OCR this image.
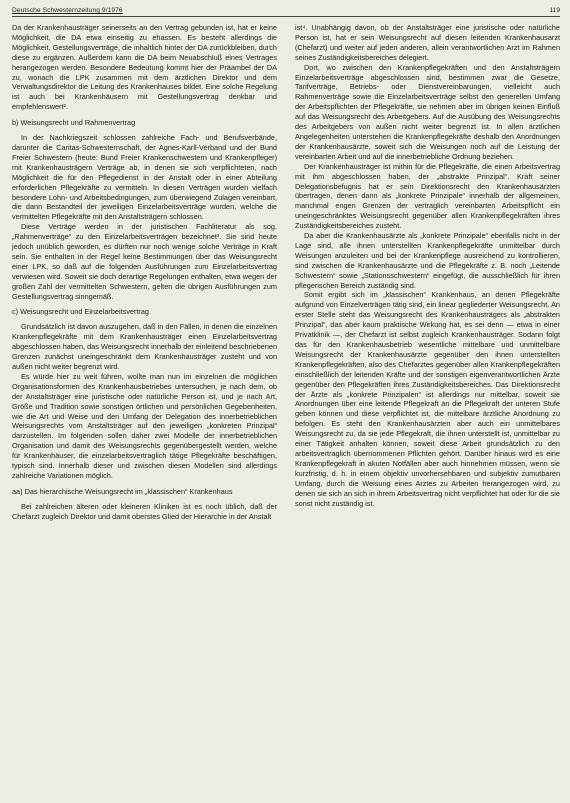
Deutsche Schwesternzeitung 9/1976	119

Da der Krankenhausträger seinerseits an den Vertrag gebunden ist, hat er keine Möglichkeit, die DA etwa einseitig zu ehassen. Es besteht allerdings die Möglichkeit, Gestellungsverträge, die inhaltlich hinter der DA zurückbleiben, durch diese zu ergänzen. Außerdem kann die DA beim Neuabschluß eines Vertrages herangezogen werden. Besondere Bedeutung kommt hier der Präambel der DA zu, wonach die LPK zusammen mit dem ärztlichen Direktor und dem Verwaltungsdirektor die Leitung des Krankenhauses bildet. Eine solche Regelung ist auch bei Krankenhäusern mit Gestellungsvertrag denkbar und empfehlenswert².

b) Weisungsrecht und Rahmenvertrag

In der Nachkriegszeit schlossen zahlreiche Fach- und Berufsverbände, darunter die Caritas-Schwesternschaft, der Agnes-Karll-Verband und der Bund Freier Schwestern (heute: Bund Freier Krankenschwestern und Krankenpfleger) mit Krankenhausträgern Verträge ab, in denen sie sich verpflichteten, nach Möglichkeit die für den Pflegedienst in der Anstalt oder in einer Abteilung erforderlichen Pflegekräfte zu vermitteln. In diesen Verträgen wurden vielfach besondere Lohn- und Arbeitsbedingungen, zum überwiegend Zulagen vereinbart, die dann Bestandteil der jeweiligen Einzelarbeitsverträge wurden, welche die vermittelten Pflegekräfte mit den Anstaltsträgern schlossen.

Diese Verträge werden in der juristischen Fachliteratur als sog. „Rahmenverträge“ zu den Einzelarbeitsverträgen bezeichnet³. Sie sind heute jedoch unüblich geworden, es dürften nur noch wenige solche Verträge in Kraft sein. Sie enthalten in der Regel keine Bestimmungen über das Weisungsrecht einer LPK, so daß auf die folgenden Ausführungen zum Einzelarbeitsvertrag verwiesen wird. Soweit sie doch derartige Regelungen enthalten, etwa wegen der großen Zahl der vermittelten Schwestern, gelten die übrigen Ausführungen zum Gestellungsvertrag sinngemäß.

c) Weisungsrecht und Einzelarbeitsvertrag

Grundsätzlich ist davon auszugehen, daß in den Fällen, in denen die einzelnen Krankenpflegekräfte mit dem Krankenhausträger einen Einzelarbeitsvertrag abgeschlossen haben, das Weisungsrecht innerhalb der einleitend beschriebenen Grenzen zunächst uneingeschränkt dem Krankenhausträger zusteht und von außen nicht weiter begrenzt wird.

Es würde hier zu weit führen, wollte man nun im einzelnen die möglichen Organisationsformen des Krankenhausbetriebes untersuchen, je nach dem, ob der Anstaltsträger eine juristische oder natürliche Person ist, und je nach Art, Größe und Tradition sowie sonstigen örtlichen und persönlichen Gegebenheiten, wie die Art und Weise und den Umfang der Delegation des innerbetrieblichen Weisungsrechts vom Anstaltsträger auf den jeweiligen „konkreten Prinzipal“ darzustellen. Im folgenden sollen daher zwei Modelle der innerbetrieblichen Organisation und damit des Weisungsrechts gegenübergestellt werden, welche für Krankenhäuser, die einzelarbeitsvertraglich tätige Pflegekräfte beschäftigen, typisch sind. Innerhalb dieser und zwischen diesen Modellen sind allerdings zahlreiche Variationen möglich.

aa) Das hierarchische Weisungsrecht im „klassischen“ Krankenhaus

Bei zahlreichen älteren oder kleineren Kliniken ist es noch üblich, daß der Chefarzt zugleich Direktor und damit oberstes Glied der Hierarchie in der Anstalt

ist⁴. Unabhängig davon, ob der Anstaltsträger eine juristische oder natürliche Person ist, hat er sein Weisungsrecht auf diesen leitenden Krankenhausarzt (Chefarzt) und weiter auf jeden anderen, allein verantwortlichen Arzt im Rahmen seines Zuständigkeitsbereiches delegiert.

Dort, wo zwischen den Krankenpflegekräften und den Anstaltsträgern Einzelarbeitsverträge abgeschlossen sind, bestimmen zwar die Gesetze, Tarifverträge, Betriebs- oder Dienstvereinbarungen, vielleicht auch Rahmenverträge sowie die Einzelarbeitsverträge selbst den generellen Umfang der Arbeitspflichten der Pflegekräfte, sie nehmen aber im übrigen keinen Einfluß auf das Weisungsrecht des Arbeitgebers. Auf die Ausübung des Weisungsrechts des Arbeitgebers von außen nicht weiter begrenzt ist. In allen ärztlichen Angelegenheiten unterstehen die Krankenpflegekräfte deshalb den Anordnungen der Krankenhausärzte, soweit sich die Weisungen noch auf die Leistung der vereinbarten Arbeit und auf die innerbetriebliche Ordnung beziehen.

Der Krankenhausträger ist mithin für die Pflegekräfte, die einen Arbeitsvertrag mit ihm abgeschlossen haben, der „abstrakte Prinzipal“. Kraft seiner Delegationsbefugnis hat er sein Direktionsrecht den Krankenhausärzten übertragen, denen dann als „konkrete Prinzipale“ innerhalb der allgemeinen, manchmal engen Grenzen der vertraglich vereinbarten Arbeitspflicht ein uneingeschränktes Weisungsrecht gegenüber allen Krankenpflegekräften ihres Zuständigkeitsbereiches zusteht.

Da aber die Krankenhausärzte als „konkrete Prinzipale“ ebenfalls nicht in der Lage sind, alle ihnen unterstellten Krankenpflegekräfte unmittelbar durch Weisungen anzuleiten und bei der Krankenpflege ausreichend zu kontrollieren, sind zwischen die Krankenhausärzte und die Pflegekräfte z. B. noch „Leitende Schwestern“ sowie „Stationsschwestern“ eingefügt, die ausschließlich für ihren pflegerischen Bereich zuständig sind.

Somit ergibt sich im „klassischen“ Krankenhaus, an denen Pflegekräfte aufgrund von Einzelverträgen tätig sind, ein linear gegliederter Weisungsrecht. An erster Stelle steht das Weisungsrecht des Krankenhausträgers als „abstrakten Prinzipal“, das aber kaum praktische Wirkung hat, es sei denn — etwa in einer Privatklinik —, der Chefarzt ist selbst zugleich Krankenhausträger. Sodann folgt das für den Krankenhausbetrieb wesentliche mittelbare und unmittelbare Weisungsrecht der Krankenhausärzte gegenüber den ihnen unterstellten Krankenpflegekräften, also des Chefarztes gegenüber allen Krankenpflegekräften einschließlich der leitenden Kräfte und der sonstigen eigenverantwortlichen Ärzte gegenüber den Pflegekräften ihres Zuständigkeitsbereiches. Das Direktionsrecht der Ärzte als „konkrete Prinzipalen“ ist allerdings nur mittelbar, soweit sie Anordnungen über eine leitende Pflegekraft an die Pflegekraft der unteren Stufe geben können und diese verpflichtet ist, die mittelbare ärztliche Anordnung zu befolgen. Es steht den Krankenhausärzten aber auch ein unmittelbares Weisungsrecht zu, da sie jede Pflegekraft, die ihnen unterstellt ist, unmittelbar zu einer Tätigkeit anhalten können, soweit diese Arbeit grundsätzlich zu den arbeitsvertraglich übernommenen Pflichten gehört. Darüber hinaus wird es eine Krankenpflegekraft in akuten Notfällen aber auch hinnehmen müssen, wenn sie kurzfristig, d. h. in einem objektiv unvorhersehbaren und subjektiv zumutbaren Umfang, durch die Weisung eines Arztes zu Arbeiten herangezogen wird, zu denen sie sich an sich in ihrem Arbeitsvertrag nicht verpflichtet hat oder für die sie sonst nicht zuständig ist.
